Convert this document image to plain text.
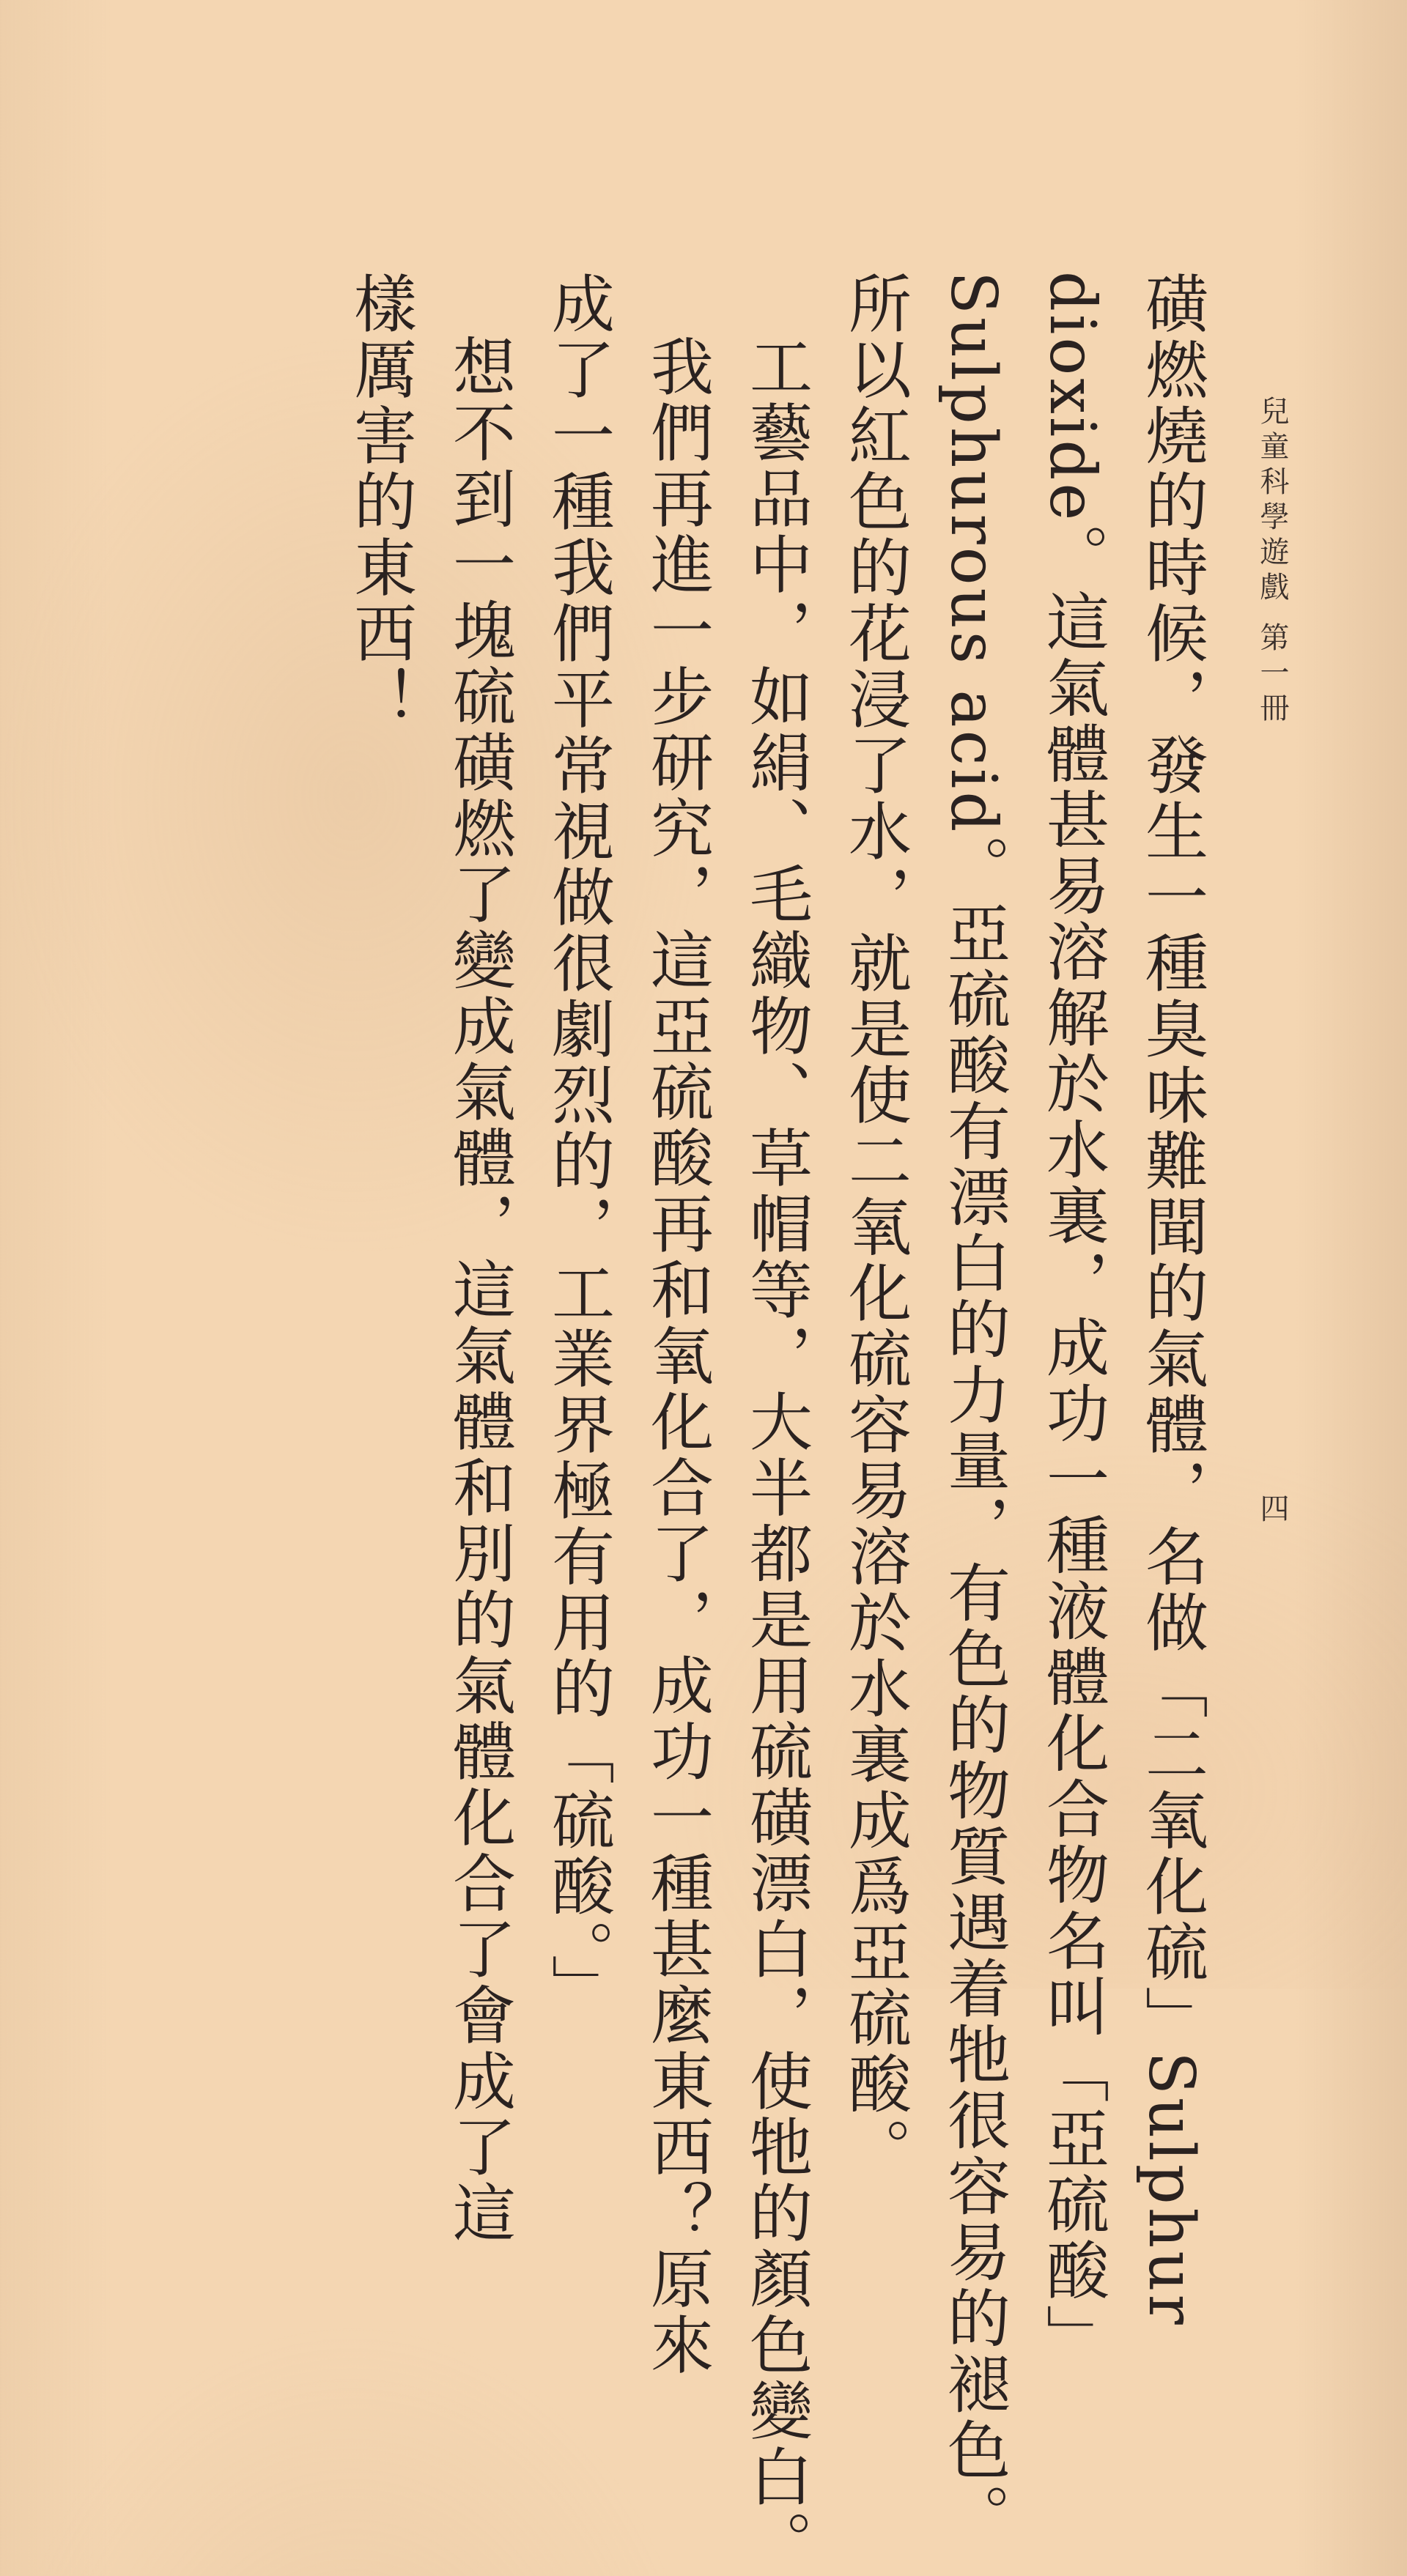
兒童科學遊戲 第一冊
四
磺燃燒的時候，發生一種臭味難聞的氣體，名做「二氧化硫」Sulphur
dioxide。這氣體甚易溶解於水裏，成功一種液體化合物名叫「亞硫酸」
Sulphurous acid。亞硫酸有漂白的力量，有色的物質遇着牠很容易的褪色。
所以紅色的花浸了水，就是使二氧化硫容易溶於水裏成爲亞硫酸。
工藝品中，如絹、毛織物、草帽等，大半都是用硫磺漂白，使牠的顏色變白。
我們再進一步研究，這亞硫酸再和氧化合了，成功一種甚麼東西？原來
成了一種我們平常視做很劇烈的，工業界極有用的「硫酸。」
想不到一塊硫磺燃了變成氣體，這氣體和別的氣體化合了會成了這
樣厲害的東西！
